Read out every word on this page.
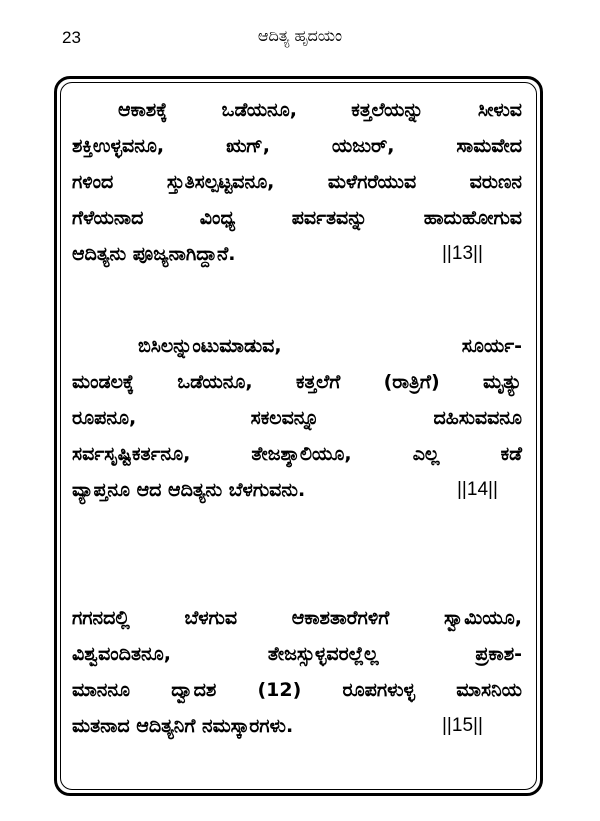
23	ಆದಿತ್ಯ ಹೃದಯಂ
ಆಕಾಶಕ್ಕೆ ಒಡೆಯನೂ, ಕತ್ತಲೆಯನ್ನು ಸೀಳುವ
ಶಕ್ತಿಉಳ್ಳವನೂ, ಋಗ್, ಯಜುರ್, ಸಾಮವೇದ
ಗಳಿಂದ ಸ್ತುತಿಸಲ್ಪಟ್ಟವನೂ, ಮಳೆಗರೆಯುವ ವರುಣನ
ಗೆಳೆಯನಾದ ವಿಂಧ್ಯ ಪರ್ವತವನ್ನು ಹಾದುಹೋಗುವ
ಆದಿತ್ಯನು ಪೂಜ್ಯನಾಗಿದ್ದಾನೆ.	||13||
ಬಿಸಿಲನ್ನುಂಟುಮಾಡುವ, ಸೂರ್ಯ-
ಮಂಡಲಕ್ಕೆ ಒಡೆಯನೂ, ಕತ್ತಲೆಗೆ (ರಾತ್ರಿಗೆ) ಮೃತ್ಯು
ರೂಪನೂ, ಸಕಲವನ್ನೂ ದಹಿಸುವವನೂ
ಸರ್ವಸೃಷ್ಟಿಕರ್ತನೂ, ತೇಜಶ್ಶಾಲಿಯೂ, ಎಲ್ಲ ಕಡೆ
ವ್ಯಾಪ್ತನೂ ಆದ ಆದಿತ್ಯನು ಬೆಳಗುವನು.	||14||
ಗಗನದಲ್ಲಿ ಬೆಳಗುವ ಆಕಾಶತಾರೆಗಳಿಗೆ ಸ್ವಾಮಿಯೂ,
ವಿಶ್ವವಂದಿತನೂ, ತೇಜಸ್ಸುಳ್ಳವರಲ್ಲೆಲ್ಲ ಪ್ರಕಾಶ-
ಮಾನನೂ ದ್ವಾದಶ (12) ರೂಪಗಳುಳ್ಳ ಮಾಸನಿಯ
ಮತನಾದ ಆದಿತ್ಯನಿಗೆ ನಮಸ್ಕಾರಗಳು.	||15||
